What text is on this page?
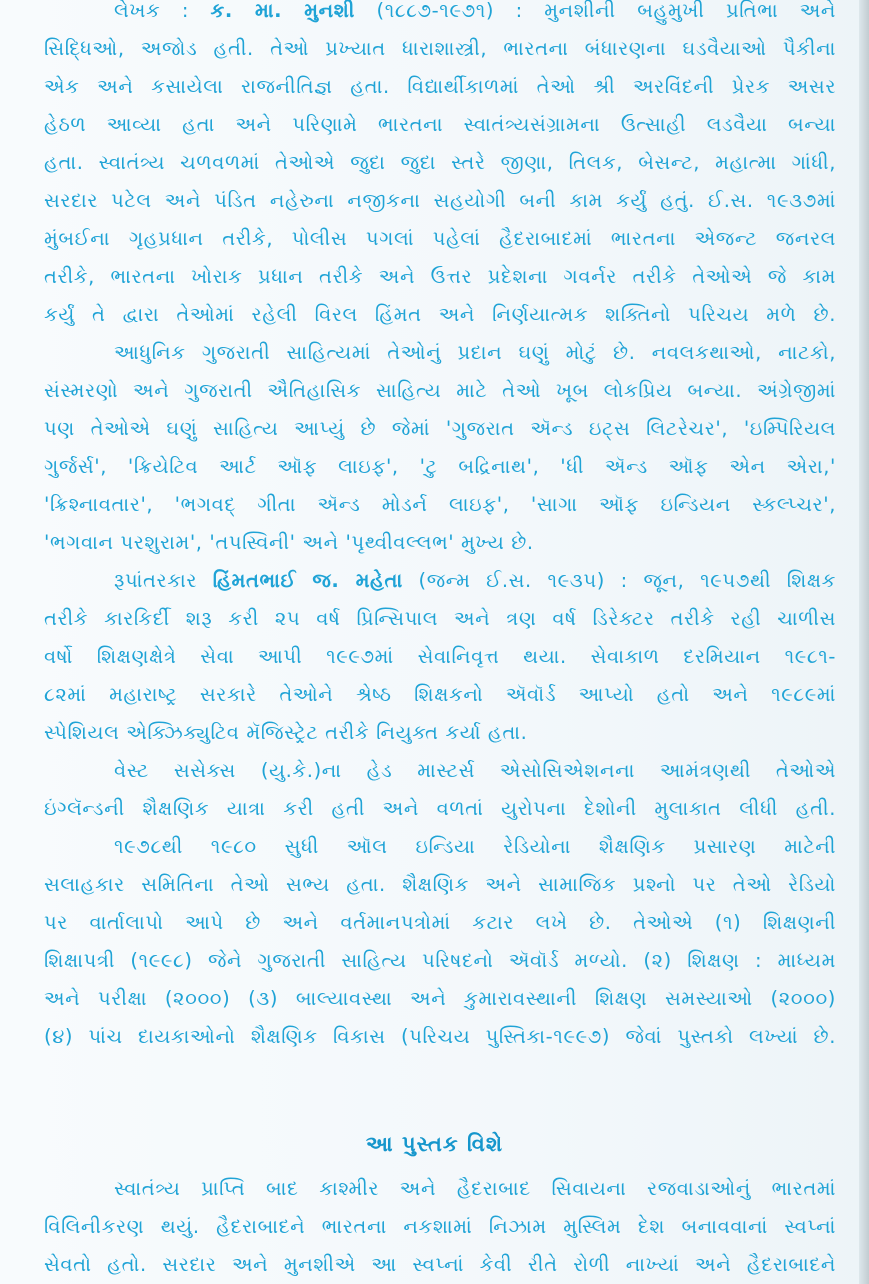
લેખક : ક. મા. મુનશી (૧૮૮૭-૧૯૭૧) : મુનશીની બહુમુખી પ્રતિભા અને
સિદ્ધિઓ, અજોડ હતી. તેઓ પ્રખ્યાત ધારાશાસ્ત્રી, ભારતના બંધારણના ઘડવૈયાઓ પૈકીના
એક અને કસાયેલા રાજનીતિજ્ઞ હતા. વિદ્યાર્થીકાળમાં તેઓ શ્રી અરવિંદની પ્રેરક અસર
હેઠળ આવ્યા હતા અને પરિણામે ભારતના સ્વાતંત્ર્યસંગ્રામના ઉત્સાહી લડવૈયા બન્યા
હતા. સ્વાતંત્ર્ય ચળવળમાં તેઓએ જુદા જુદા સ્તરે જીણા, તિલક, બેસન્ટ, મહાત્મા ગાંધી,
સરદાર પટેલ અને પંડિત નહેરુના નજીકના સહયોગી બની કામ કર્યું હતું. ઈ.સ. ૧૯૩૭માં
મુંબઈના ગૃહપ્રધાન તરીકે, પોલીસ પગલાં પહેલાં હૈદરાબાદમાં ભારતના એજન્ટ જનરલ
તરીકે, ભારતના ખોરાક પ્રધાન તરીકે અને ઉત્તર પ્રદેશના ગવર્નર તરીકે તેઓએ જે કામ
કર્યું તે દ્વારા તેઓમાં રહેલી વિરલ હિંમત અને નિર્ણયાત્મક શક્તિનો પરિચય મળે છે.
આધુનિક ગુજરાતી સાહિત્યમાં તેઓનું પ્રદાન ઘણું મોટું છે. નવલકથાઓ, નાટકો,
સંસ્મરણો અને ગુજરાતી ઐતિહાસિક સાહિત્ય માટે તેઓ ખૂબ લોકપ્રિય બન્યા. અંગ્રેજીમાં
પણ તેઓએ ઘણું સાહિત્ય આપ્યું છે જેમાં 'ગુજરાત ઍન્ડ ઇટ્સ લિટરેચર', 'ઇમ્પિરિયલ
ગુર્જર્સ', 'ક્રિયેટિવ આર્ટ ઑફ લાઇફ', 'ટુ બદ્રિનાથ', 'ધી ઍન્ડ ઑફ એન એરા,'
'ક્રિશ્નાવતાર', 'ભગવદ્ ગીતા ઍન્ડ મોડર્ન લાઇફ', 'સાગા ઑફ ઇન્ડિયન સ્કલ્પ્ચર',
'ભગવાન પરશુરામ', 'તપસ્વિની' અને 'પૃથ્વીવલ્લભ' મુખ્ય છે.
રૂપાંતરકાર હિંમતભાઈ જ. મહેતા (જન્મ ઈ.સ. ૧૯૩૫) : જૂન, ૧૯૫૭થી શિક્ષક
તરીકે કારકિર્દી શરૂ કરી ૨૫ વર્ષ પ્રિન્સિપાલ અને ત્રણ વર્ષ ડિરેક્ટર તરીકે રહી ચાળીસ
વર્ષો શિક્ષણક્ષેત્રે સેવા આપી ૧૯૯૭માં સેવાનિવૃત્ત થયા. સેવાકાળ દરમિયાન ૧૯૮૧-
૮૨માં મહારાષ્ટ્ર સરકારે તેઓને શ્રેષ્ઠ શિક્ષકનો ઍવૉર્ડ આપ્યો હતો અને ૧૯૮૯માં
સ્પેશિયલ એક્ઝિક્યુટિવ મૅજિસ્ટ્રેટ તરીકે નિયુક્ત કર્યા હતા.
વેસ્ટ સસેક્સ (યુ.કે.)ના હેડ માસ્ટર્સ એસોસિએશનના આમંત્રણથી તેઓએ
ઇંગ્લૅન્ડની શૈક્ષણિક યાત્રા કરી હતી અને વળતાં યુરોપના દેશોની મુલાકાત લીધી હતી.
૧૯૭૮થી ૧૯૮૦ સુધી ઑલ ઇન્ડિયા રેડિયોના શૈક્ષણિક પ્રસારણ માટેની
સલાહકાર સમિતિના તેઓ સભ્ય હતા. શૈક્ષણિક અને સામાજિક પ્રશ્નો પર તેઓ રેડિયો
પર વાર્તાલાપો આપે છે અને વર્તમાનપત્રોમાં કટાર લખે છે. તેઓએ (૧) શિક્ષણની
શિક્ષાપત્રી (૧૯૯૮) જેને ગુજરાતી સાહિત્ય પરિષદનો ઍવૉર્ડ મળ્યો. (૨) શિક્ષણ : માધ્યમ
અને પરીક્ષા (૨૦૦૦) (૩) બાલ્યાવસ્થા અને કુમારાવસ્થાની શિક્ષણ સમસ્યાઓ (૨૦૦૦)
(૪) પાંચ દાયકાઓનો શૈક્ષણિક વિકાસ (પરિચય પુસ્તિકા-૧૯૯૭) જેવાં પુસ્તકો લખ્યાં છે.
આ પુસ્તક વિશે
સ્વાતંત્ર્ય પ્રાપ્તિ બાદ કાશ્મીર અને હૈદરાબાદ સિવાયના રજવાડાઓનું ભારતમાં
વિલિનીકરણ થયું. હૈદરાબાદને ભારતના નકશામાં નિઝામ મુસ્લિમ દેશ બનાવવાનાં સ્વપ્નાં
સેવતો હતો. સરદાર અને મુનશીએ આ સ્વપ્નાં કેવી રીતે રોળી નાખ્યાં અને હૈદરાબાદને
